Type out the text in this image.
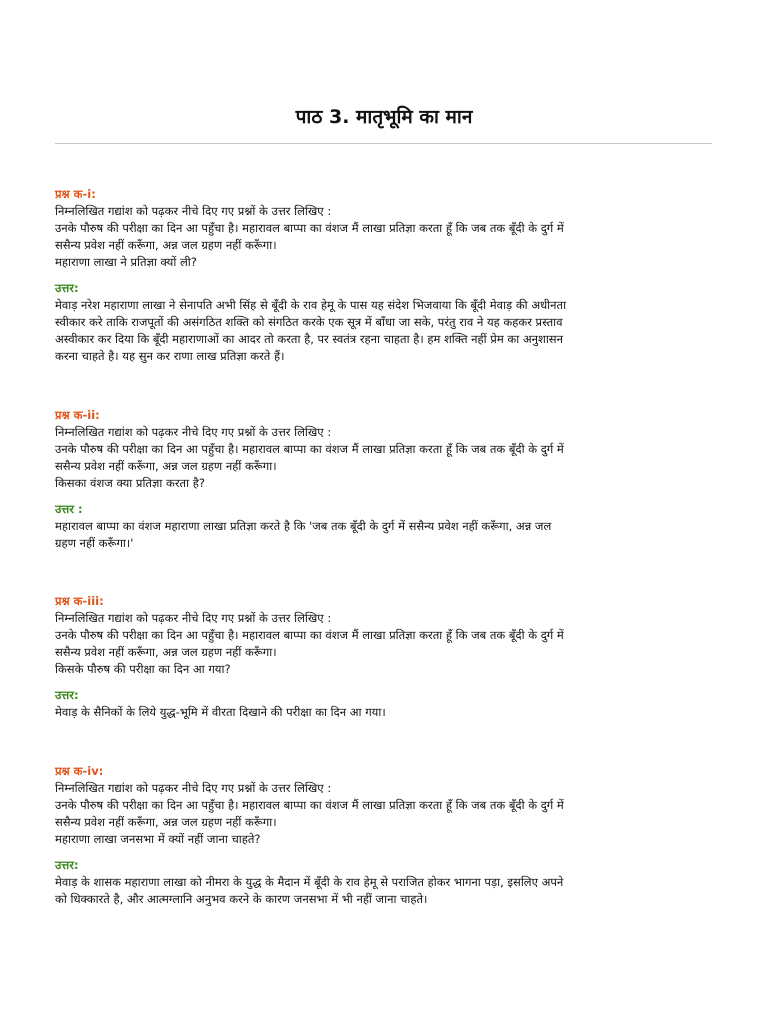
पाठ 3. मातृभूमि का मान
प्रश्न क-i:
निम्नलिखित गद्यांश को पढ़कर नीचे दिए गए प्रश्नों के उत्तर लिखिए :
उनके पौरुष की परीक्षा का दिन आ पहुँचा है। महारावल बाप्पा का वंशज मैं लाखा प्रतिज्ञा करता हूँ कि जब तक बूँदी के दुर्ग में
ससैन्य प्रवेश नहीं करूँगा, अन्न जल ग्रहण नहीं करूँगा।
महाराणा लाखा ने प्रतिज्ञा क्यों ली?
उत्तर:
मेवाड़ नरेश महाराणा लाखा ने सेनापति अभी सिंह से बूँदी के राव हेमू के पास यह संदेश भिजवाया कि बूँदी मेवाड़ की अधीनता
स्वीकार करे ताकि राजपूतों की असंगठित शक्ति को संगठित करके एक सूत्र में बाँधा जा सके, परंतु राव ने यह कहकर प्रस्ताव
अस्वीकार कर दिया कि बूँदी महाराणाओं का आदर तो करता है, पर स्वतंत्र रहना चाहता है। हम शक्ति नहीं प्रेम का अनुशासन
करना चाहते है। यह सुन कर राणा लाख प्रतिज्ञा करते हैं।
प्रश्न क-ii:
निम्नलिखित गद्यांश को पढ़कर नीचे दिए गए प्रश्नों के उत्तर लिखिए :
उनके पौरुष की परीक्षा का दिन आ पहुँचा है। महारावल बाप्पा का वंशज मैं लाखा प्रतिज्ञा करता हूँ कि जब तक बूँदी के दुर्ग में
ससैन्य प्रवेश नहीं करूँगा, अन्न जल ग्रहण नहीं करूँगा।
किसका वंशज क्या प्रतिज्ञा करता है?
उत्तर :
महारावल बाप्पा का वंशज महाराणा लाखा प्रतिज्ञा करते है कि 'जब तक बूँदी के दुर्ग में ससैन्य प्रवेश नहीं करूँगा, अन्न जल
ग्रहण नहीं करूँगा।'
प्रश्न क-iii:
निम्नलिखित गद्यांश को पढ़कर नीचे दिए गए प्रश्नों के उत्तर लिखिए :
उनके पौरुष की परीक्षा का दिन आ पहुँचा है। महारावल बाप्पा का वंशज मैं लाखा प्रतिज्ञा करता हूँ कि जब तक बूँदी के दुर्ग में
ससैन्य प्रवेश नहीं करूँगा, अन्न जल ग्रहण नहीं करूँगा।
किसके पौरुष की परीक्षा का दिन आ गया?
उत्तर:
मेवाड़ के सैनिकों के लिये युद्ध-भूमि में वीरता दिखाने की परीक्षा का दिन आ गया।
प्रश्न क-iv:
निम्नलिखित गद्यांश को पढ़कर नीचे दिए गए प्रश्नों के उत्तर लिखिए :
उनके पौरुष की परीक्षा का दिन आ पहुँचा है। महारावल बाप्पा का वंशज मैं लाखा प्रतिज्ञा करता हूँ कि जब तक बूँदी के दुर्ग में
ससैन्य प्रवेश नहीं करूँगा, अन्न जल ग्रहण नहीं करूँगा।
महाराणा लाखा जनसभा में क्यों नहीं जाना चाहते?
उत्तर:
मेवाड़ के शासक महाराणा लाखा को नीमरा के युद्ध के मैदान में बूँदी के राव हेमू से पराजित होकर भागना पड़ा, इसलिए अपने
को धिक्कारते है, और आत्मग्लानि अनुभव करने के कारण जनसभा में भी नहीं जाना चाहते।
